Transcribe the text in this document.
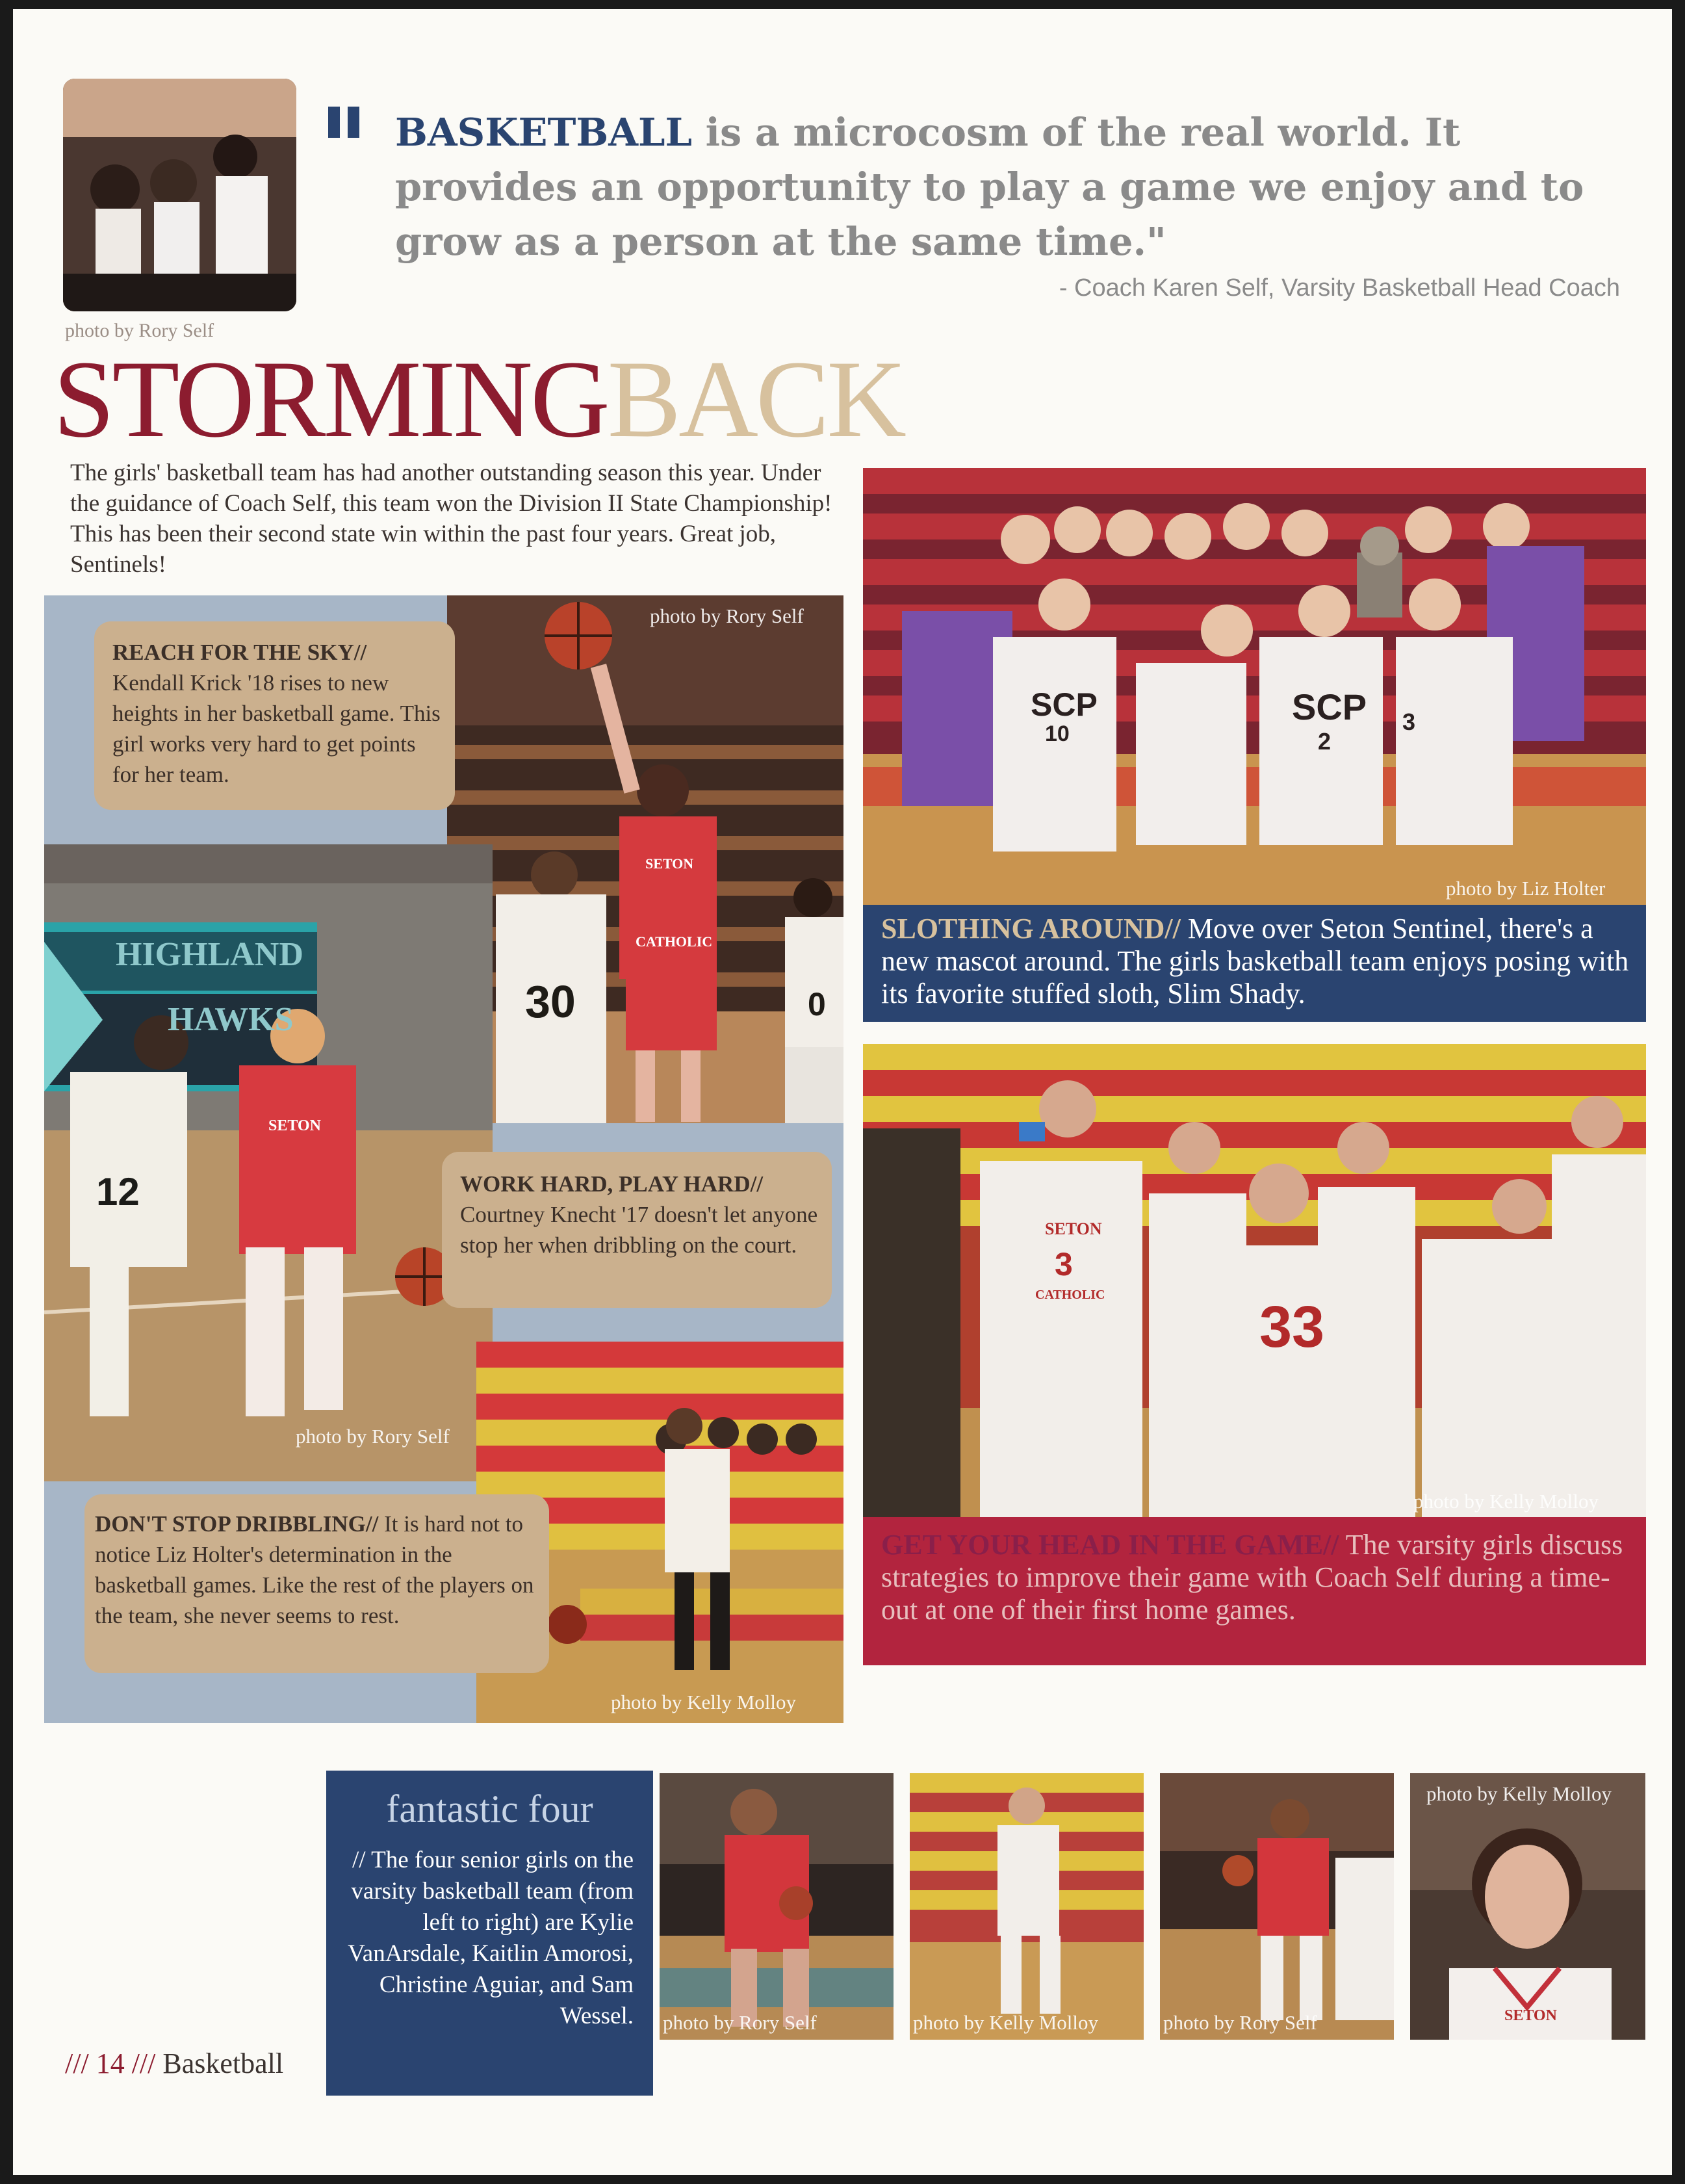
photo by Rory Self
BASKETBALL is a microcosm of the real world. It provides an opportunity to play a game we enjoy and to grow as a person at the same time."
- Coach Karen Self, Varsity Basketball Head Coach
STORMINGBACK
The girls' basketball team has had another outstanding season this year. Under the guidance of Coach Self, this team won the Division II State Championship! This has been their second state win within the past four years. Great job, Sentinels!
SETON
CATHOLIC
30	0
photo by Rory Self
REACH FOR THE SKY// Kendall Krick '18 rises to new heights in her basketball game. This girl works very hard to get points for her team.
HIGHLAND
HAWKS
12
SETON
photo by Rory Self
WORK HARD, PLAY HARD// Courtney Knecht '17 doesn't let anyone stop her when dribbling on the court.
photo by Kelly Molloy
DON'T STOP DRIBBLING// It is hard not to notice Liz Holter's determination in the basketball games. Like the rest of the players on the team, she never seems to rest.
SCP
10
SCP
2
3
photo by Liz Holter
SLOTHING AROUND// Move over Seton Sentinel, there's a new mascot around. The girls basketball team enjoys posing with its favorite stuffed sloth, Slim Shady.
SETON
3
CATHOLIC	33
photo by Kelly Molloy
GET YOUR HEAD IN THE GAME// The varsity girls discuss strategies to improve their game with Coach Self during a time-out at one of their first home games.
fantastic four
// The four senior girls on the varsity basketball team (from left to right) are Kylie VanArsdale, Kaitlin Amorosi, Christine Aguiar, and Sam Wessel.	photo by Rory Self	photo by Kelly Molloy	photo by Rory Self	SETON
photo by Kelly Molloy
/// 14 /// Basketball
